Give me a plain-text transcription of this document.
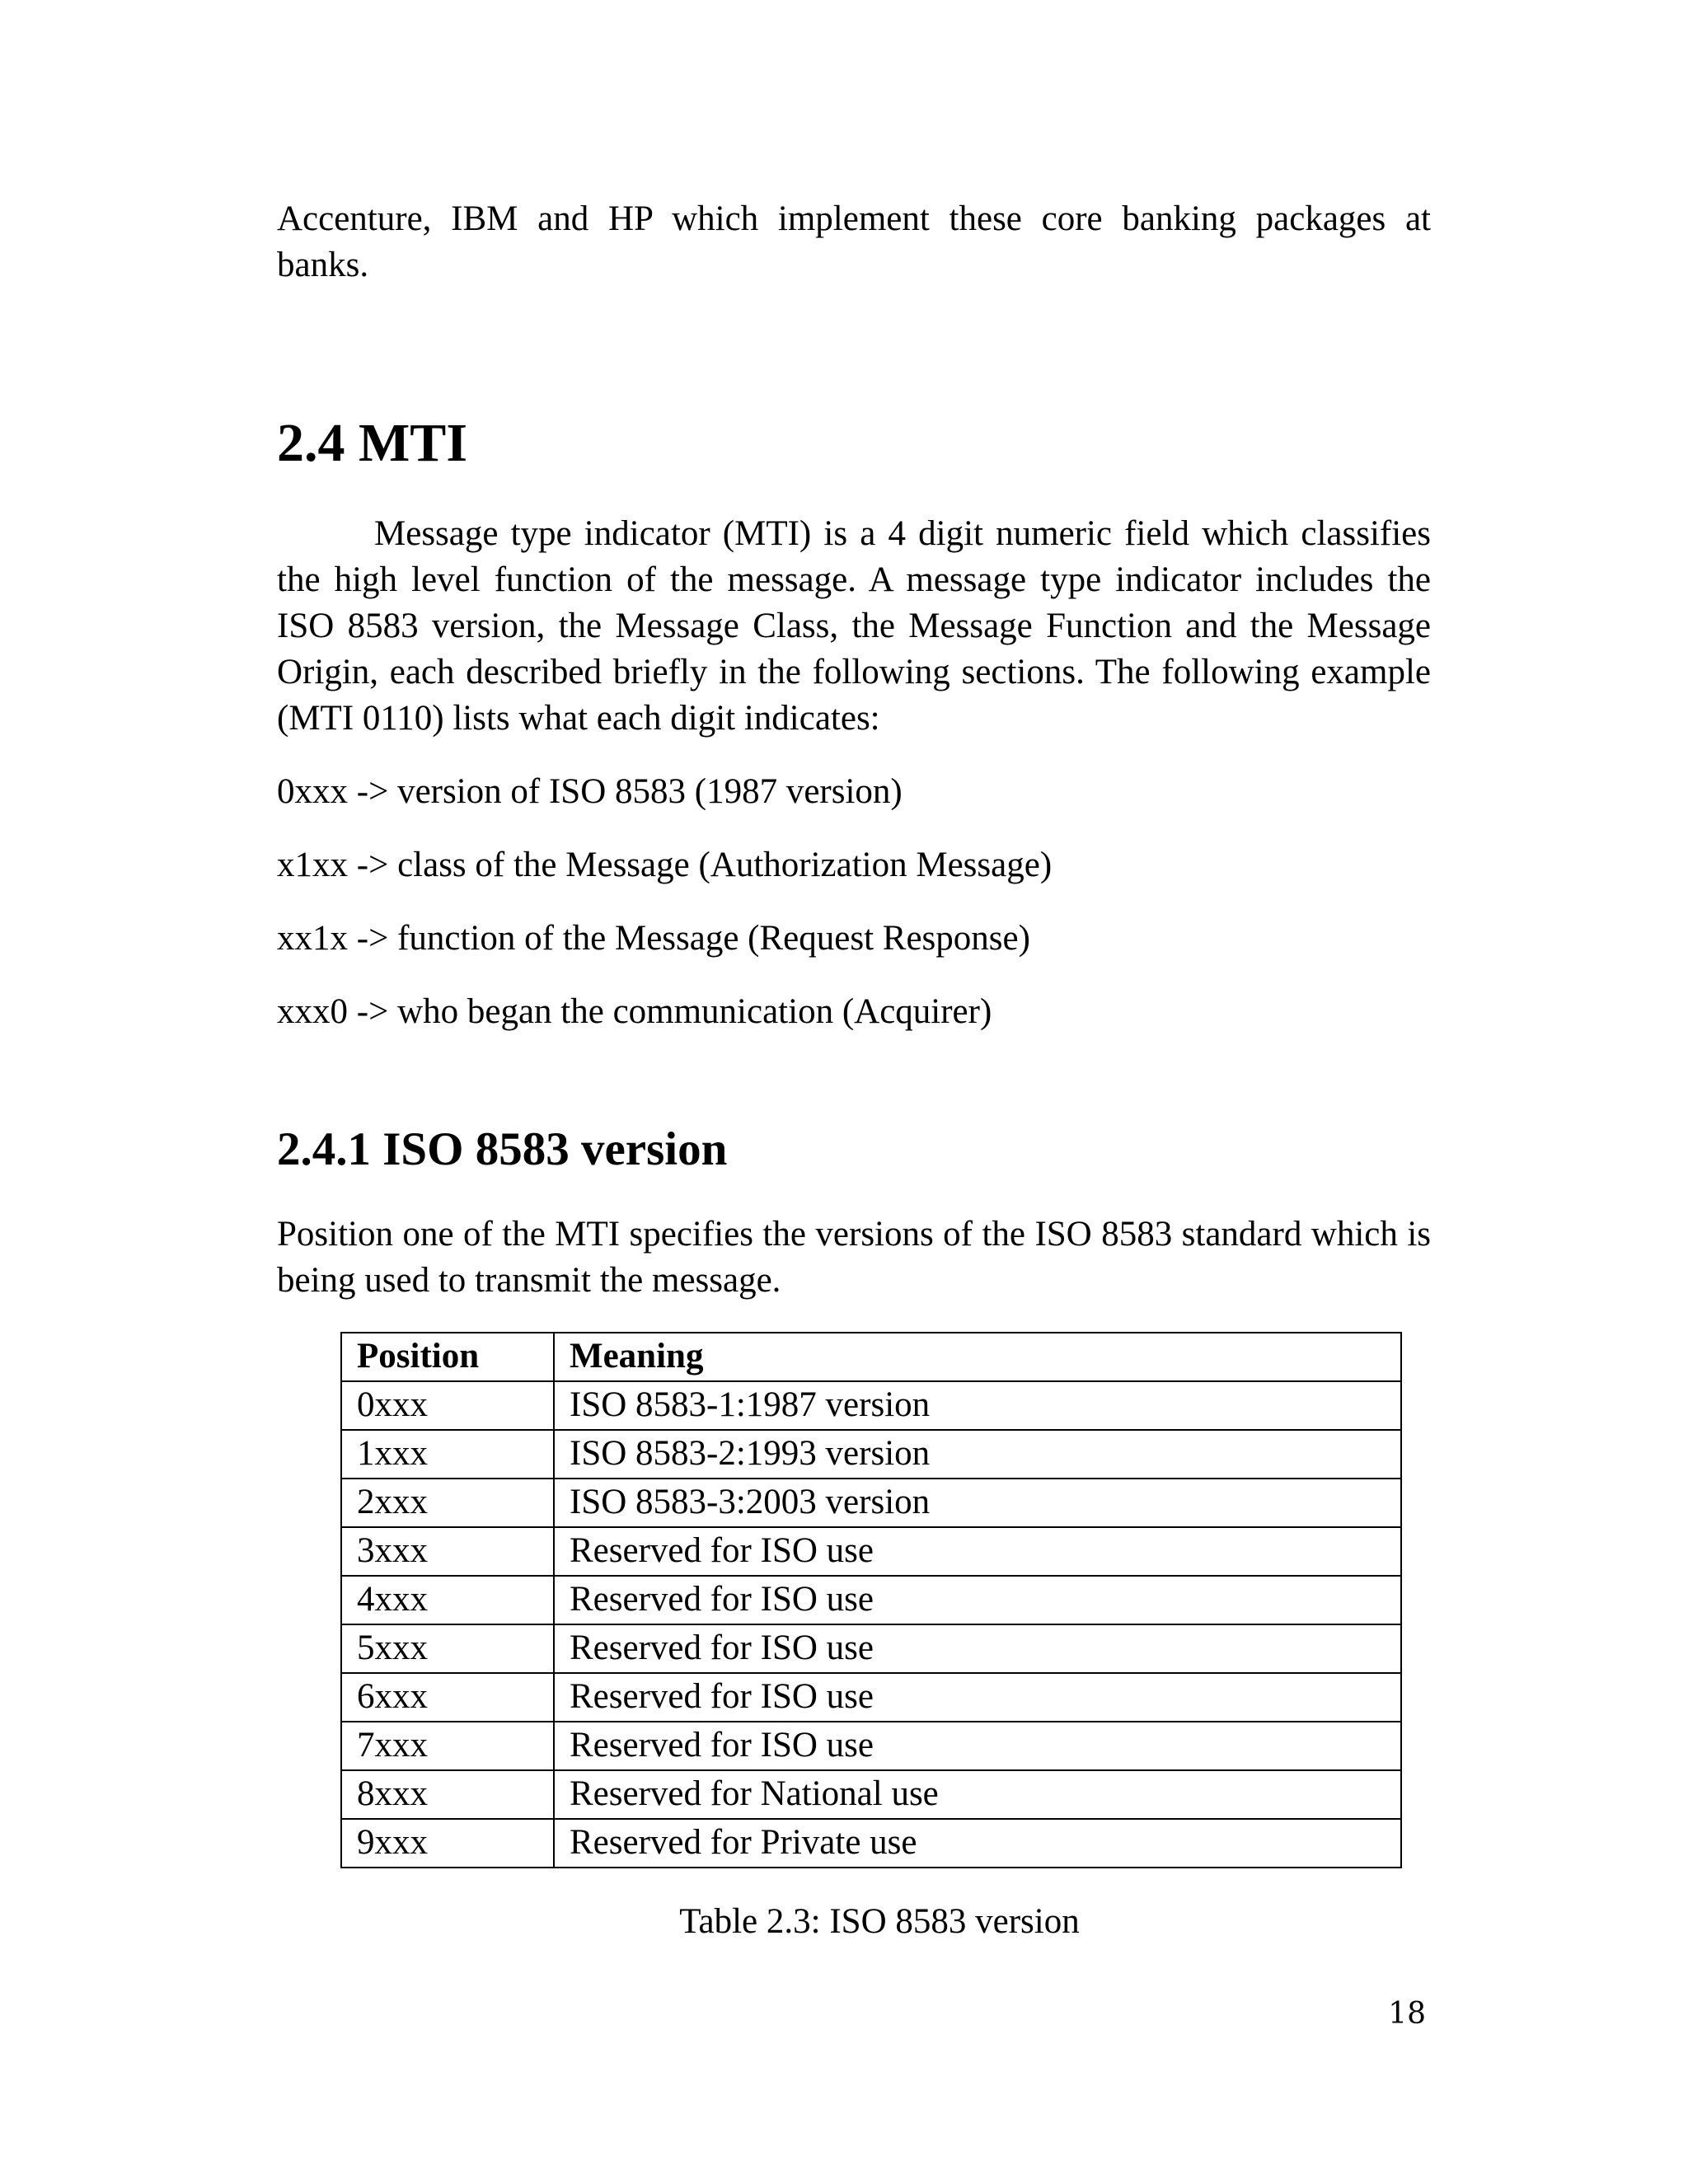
Accenture, IBM and HP which implement these core banking packages at

banks.

2.4 MTI

Message type indicator (MTI) is a 4 digit numeric field which classifies the high level function of the message. A message type indicator includes the ISO 8583 version, the Message Class, the Message Function and the Message Origin, each described briefly in the following sections. The following example (MTI 0110) lists what each digit indicates:

0xxx -> version of ISO 8583 (1987 version)

x1xx -> class of the Message (Authorization Message)

xx1x -> function of the Message (Request Response)

xxx0 -> who began the communication (Acquirer)

2.4.1 ISO 8583 version

Position one of the MTI specifies the versions of the ISO 8583 standard which is being used to transmit the message.

Position	Meaning
0xxx	ISO 8583-1:1987 version
1xxx	ISO 8583-2:1993 version
2xxx	ISO 8583-3:2003 version
3xxx	Reserved for ISO use
4xxx	Reserved for ISO use
5xxx	Reserved for ISO use
6xxx	Reserved for ISO use
7xxx	Reserved for ISO use
8xxx	Reserved for National use
9xxx	Reserved for Private use

Table 2.3: ISO 8583 version

18
